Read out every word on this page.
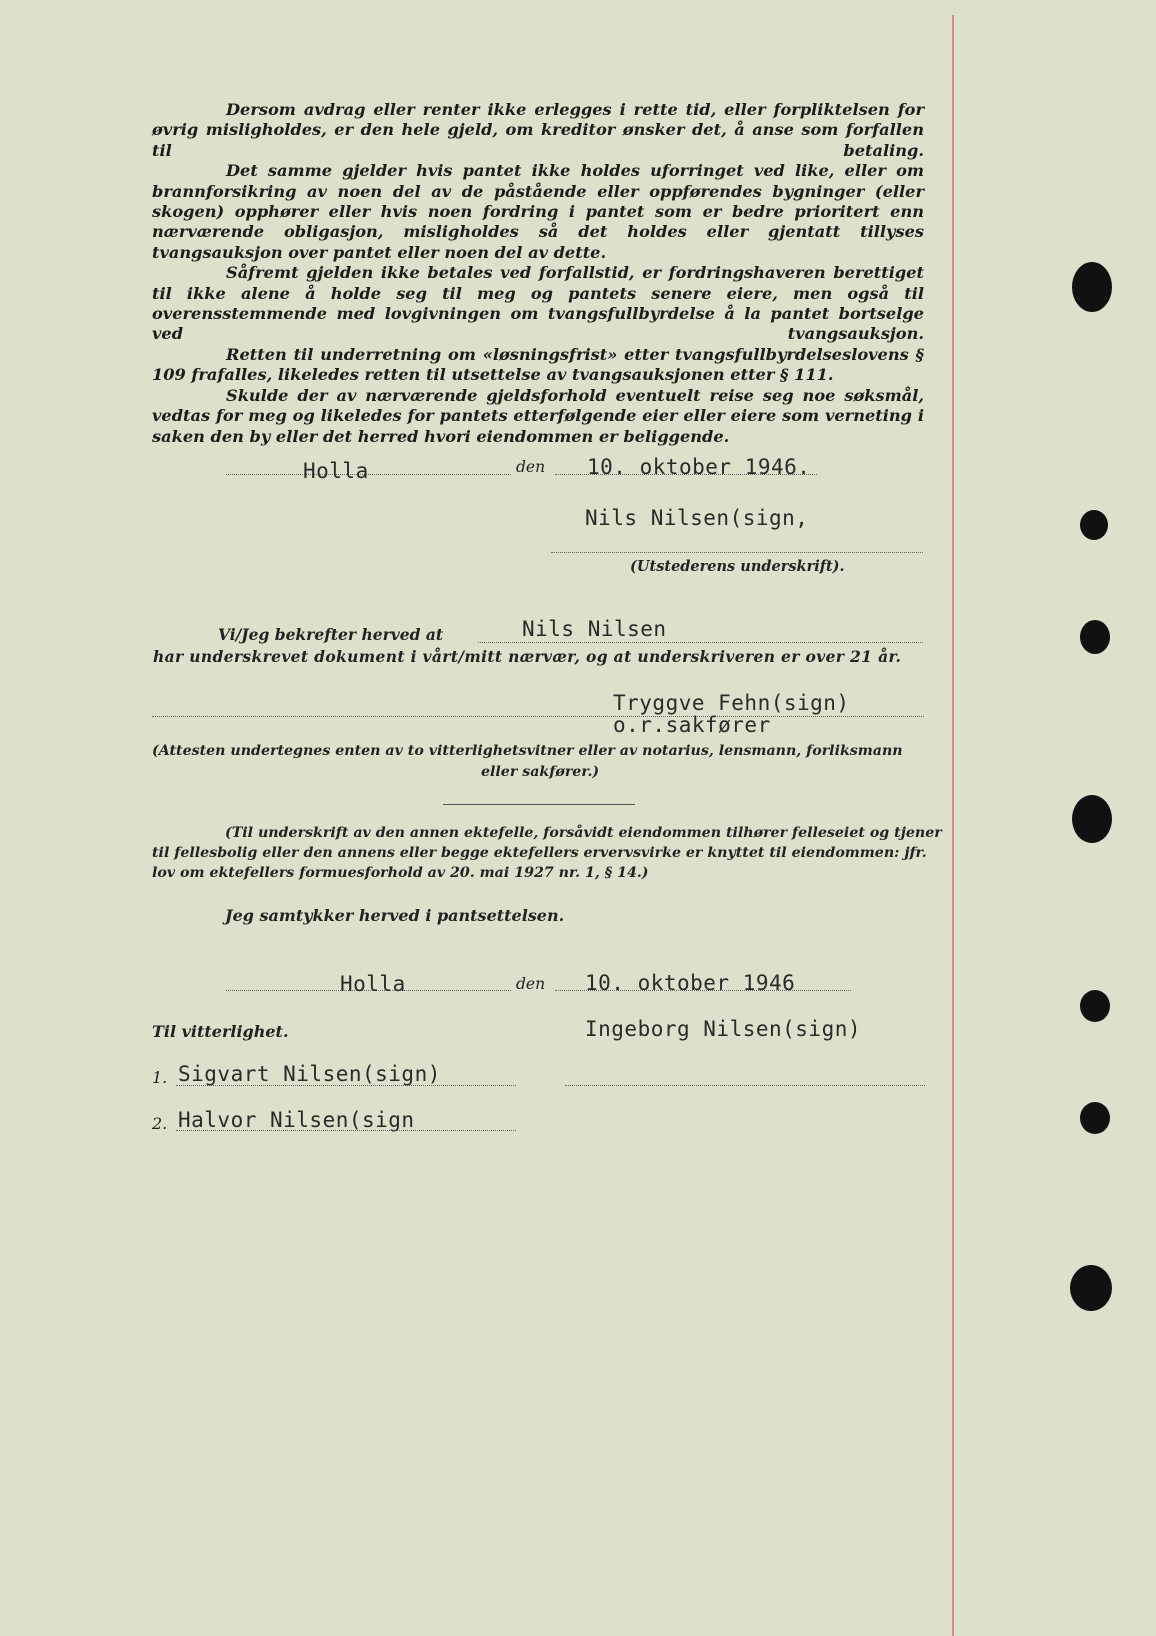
Dersom avdrag eller renter ikke erlegges i rette tid, eller forpliktelsen for øvrig misligholdes, er den hele gjeld, om kreditor ønsker det, å anse som forfallen til betaling.

Det samme gjelder hvis pantet ikke holdes uforringet ved like, eller om brannforsikring av noen del av de påstående eller oppførendes bygninger (eller skogen) opphører eller hvis noen fordring i pantet som er bedre prioritert enn nærværende obligasjon, misligholdes så det holdes eller gjentatt tillyses tvangsauksjon over pantet eller noen del av dette.

Såfremt gjelden ikke betales ved forfallstid, er fordringshaveren berettiget til ikke alene å holde seg til meg og pantets senere eiere, men også til overensstemmende med lovgivningen om tvangsfullbyrdelse å la pantet bortselge ved tvangsauksjon.

Retten til underretning om «løsningsfrist» etter tvangsfullbyrdelseslovens § 109 frafalles, likeledes retten til utsettelse av tvangsauksjonen etter § 111.

Skulde der av nærværende gjeldsforhold eventuelt reise seg noe søksmål, vedtas for meg og likeledes for pantets etterfølgende eier eller eiere som verneting i saken den by eller det herred hvori eiendommen er beliggende.

Holla	den 10. oktober 1946.
Nils Nilsen(sign,
(Utstederens underskrift).
Vi/Jeg bekrefter herved at	Nils Nilsen
har underskrevet dokument i vårt/mitt nærvær, og at underskriveren er over 21 år.
Tryggve Fehn(sign)
o.r.sakfører
(Attesten undertegnes enten av to vitterlighetsvitner eller av notarius, lensmann, forliksmann
eller sakfører.)
(Til underskrift av den annen ektefelle, forsåvidt eiendommen tilhører felleseiet og tjener
til fellesbolig eller den annens eller begge ektefellers ervervsvirke er knyttet til eiendommen: jfr.
lov om ektefellers formuesforhold av 20. mai 1927 nr. 1, § 14.)
Jeg samtykker herved i pantsettelsen.
Holla	den 10. oktober 1946
Til vitterlighet.	Ingeborg Nilsen(sign)
1. Sigvart Nilsen(sign)
2. Halvor Nilsen(sign
